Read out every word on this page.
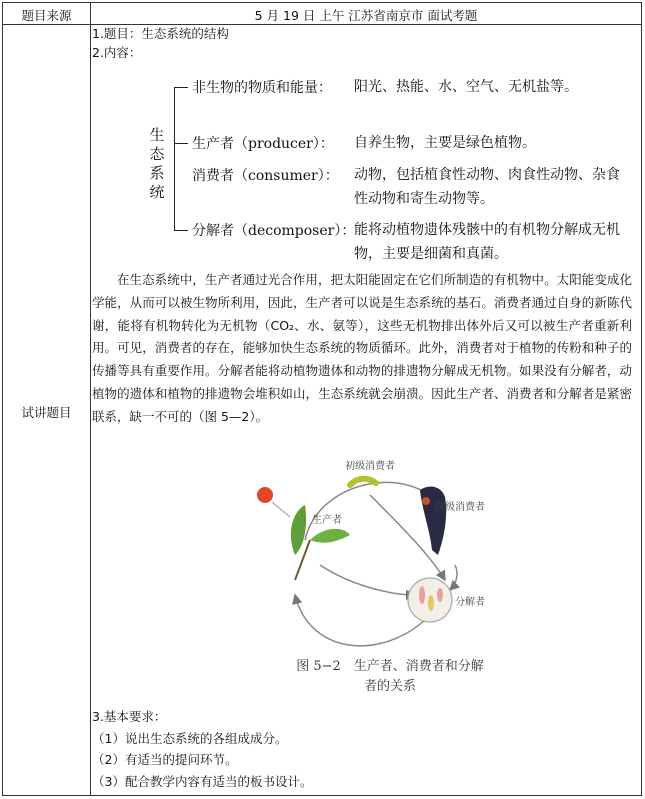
题目来源	5 月 19 日 上午 江苏省南京市 面试考题
试讲题目
1.题目：生态系统的结构
2.内容：
生
态
系
统
非生物的物质和能量： 阳光、热能、水、空气、无机盐等。
生产者（producer）： 自养生物，主要是绿色植物。
消费者（consumer）： 动物，包括植食性动物、肉食性动物、杂食性动物和寄生动物等。
分解者（decomposer）：
能将动植物遗体残骸中的有机物分解成无机物，主要是细菌和真菌。
在生态系统中，生产者通过光合作用，把太阳能固定在它们所制造的有机物中。太阳能变成化学能，从而可以被生物所利用，因此，生产者可以说是生态系统的基石。消费者通过自身的新陈代谢，能将有机物转化为无机物（CO₂、水、氨等），这些无机物排出体外后又可以被生产者重新利用。可见，消费者的存在，能够加快生态系统的物质循环。此外，消费者对于植物的传粉和种子的传播等具有重要作用。分解者能将动植物遗体和动物的排遗物分解成无机物。如果没有分解者，动植物的遗体和植物的排遗物会堆积如山，生态系统就会崩溃。因此生产者、消费者和分解者是紧密联系，缺一不可的（图 5—2）。
初级消费者
次级消费者
生产者
分解者
图 5−2　生产者、消费者和分解
者的关系
3.基本要求：
（1）说出生态系统的各组成成分。
（2）有适当的提问环节。
（3）配合教学内容有适当的板书设计。
